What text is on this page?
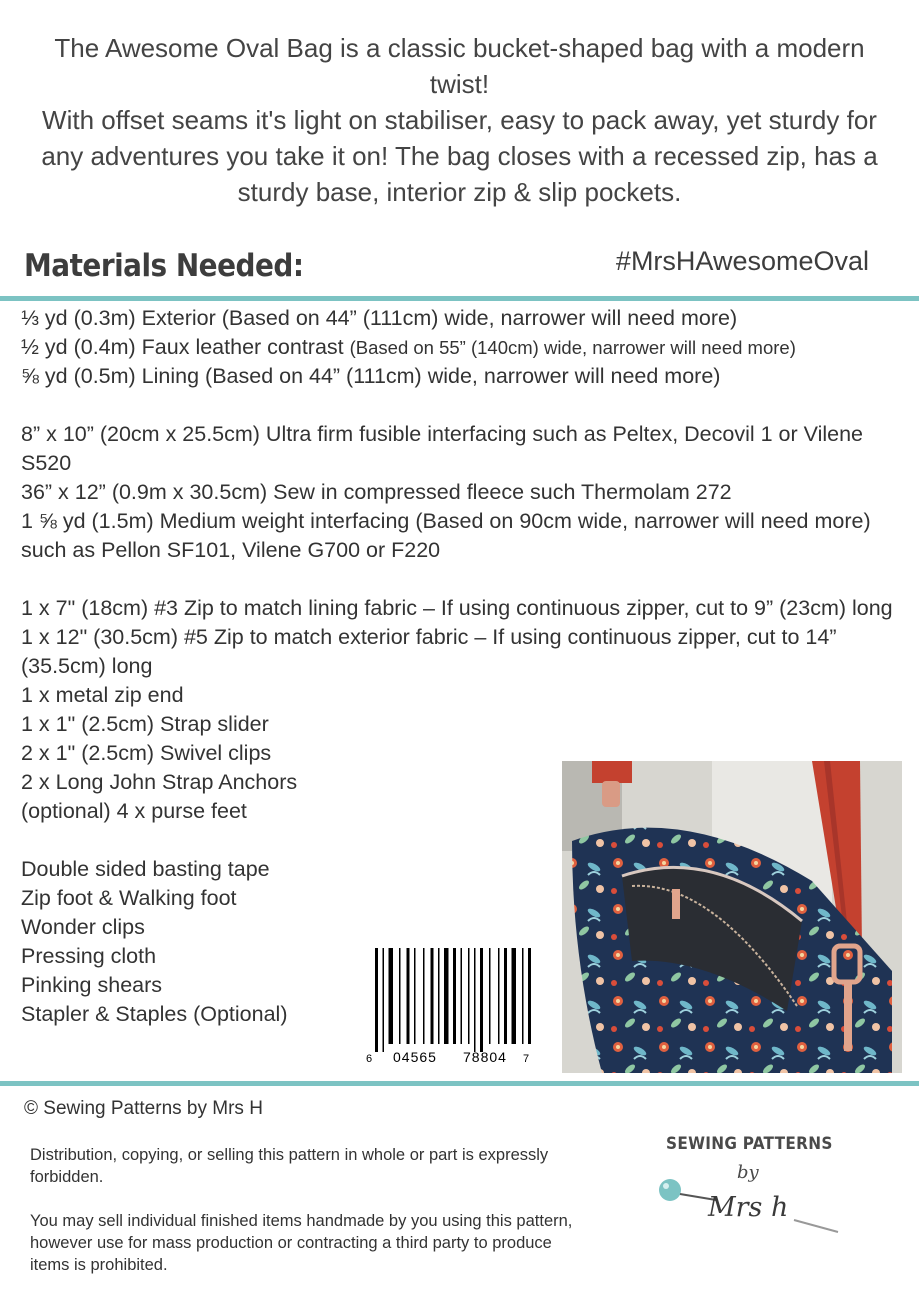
The Awesome Oval Bag is a classic bucket-shaped bag with a modern twist!

With offset seams it's light on stabiliser, easy to pack away, yet sturdy for any adventures you take it on! The bag closes with a recessed zip, has a sturdy base, interior zip & slip pockets.

Materials Needed:	#MrsHAwesomeOval
⅓ yd (0.3m) Exterior (Based on 44” (111cm) wide, narrower will need more)
½ yd (0.4m) Faux leather contrast (Based on 55” (140cm) wide, narrower will need more)
⅝ yd (0.5m) Lining (Based on 44” (111cm) wide, narrower will need more)
8” x 10” (20cm x 25.5cm) Ultra firm fusible interfacing such as Peltex, Decovil 1 or Vilene S520
36” x 12” (0.9m x 30.5cm) Sew in compressed fleece such Thermolam 272
1 ⅝ yd (1.5m) Medium weight interfacing (Based on 90cm wide, narrower will need more) such as Pellon SF101, Vilene G700 or F220
1 x 7" (18cm) #3 Zip to match lining fabric – If using continuous zipper, cut to 9” (23cm) long
1 x 12" (30.5cm) #5 Zip to match exterior fabric – If using continuous zipper, cut to 14” (35.5cm) long
1 x metal zip end
1 x 1" (2.5cm) Strap slider
2 x 1" (2.5cm) Swivel clips
2 x Long John Strap Anchors
(optional) 4 x purse feet
Double sided basting tape
Zip foot & Walking foot
Wonder clips
Pressing cloth
Pinking shears
Stapler & Staples (Optional)
6 04565 78804 7
© Sewing Patterns by Mrs H
Distribution, copying, or selling this pattern in whole or part is expressly forbidden.
You may sell individual finished items handmade by you using this pattern, however use for mass production or contracting a third party to produce items is prohibited.
SEWING PATTERNS
by
Mrs h
